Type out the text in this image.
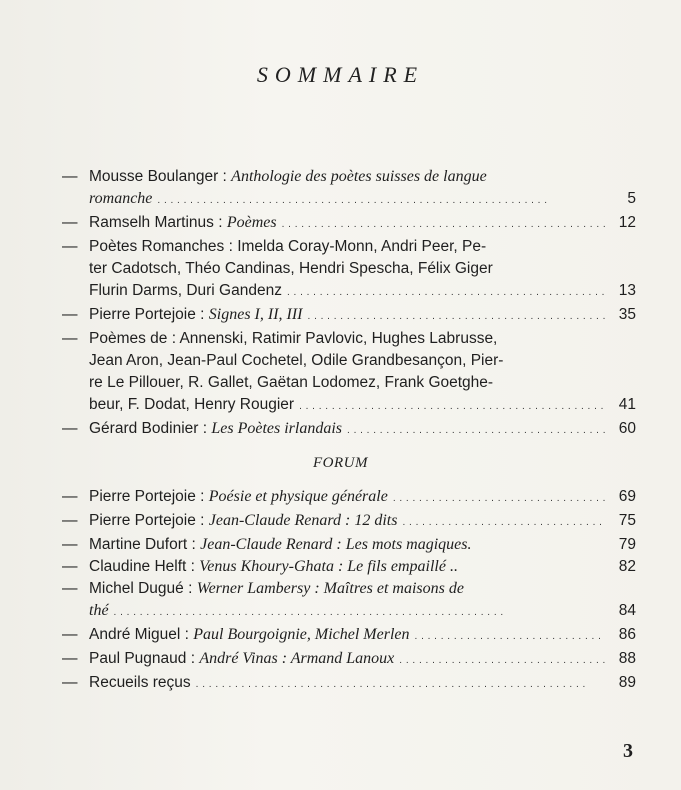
SOMMAIRE
— Mousse Boulanger :
Anthologie des poètes suisses de langue
romanche . . .	5
— Ramselh Martinus :
Poèmes . . .	12
— Poètes Romanches : Imelda Coray-Monn, Andri Peer, Pe-
ter Cadotsch, Théo Candinas, Hendri Spescha, Félix Giger
Flurin Darms, Duri Gandenz . . .	13
— Pierre Portejoie :
Signes I, II, III . . .	35
— Poèmes de : Annenski, Ratimir Pavlovic, Hughes Labrusse,
Jean Aron, Jean-Paul Cochetel, Odile Grandbesançon, Pier-
re Le Pillouer, R. Gallet, Gaëtan Lodomez, Frank Goetghe-
beur, F. Dodat, Henry Rougier . . .	41
— Gérard Bodinier :
Les Poètes irlandais . . .	60
FORUM
— Pierre Portejoie :
Poésie et physique générale . . .	69
— Pierre Portejoie :
Jean-Claude Renard : 12 dits . . .	75
— Martine Dufort :
Jean-Claude Renard : Les mots magiques.	79
— Claudine Helft :
Venus Khoury-Ghata : Le fils empaillé ..	82
— Michel Dugué :
Werner Lambersy : Maîtres et maisons de
thé . . .	84
— André Miguel :
Paul Bourgoignie, Michel Merlen . . .	86
— Paul Pugnaud :
André Vinas : Armand Lanoux . . .	88
— Recueils reçus . . .	89
3
